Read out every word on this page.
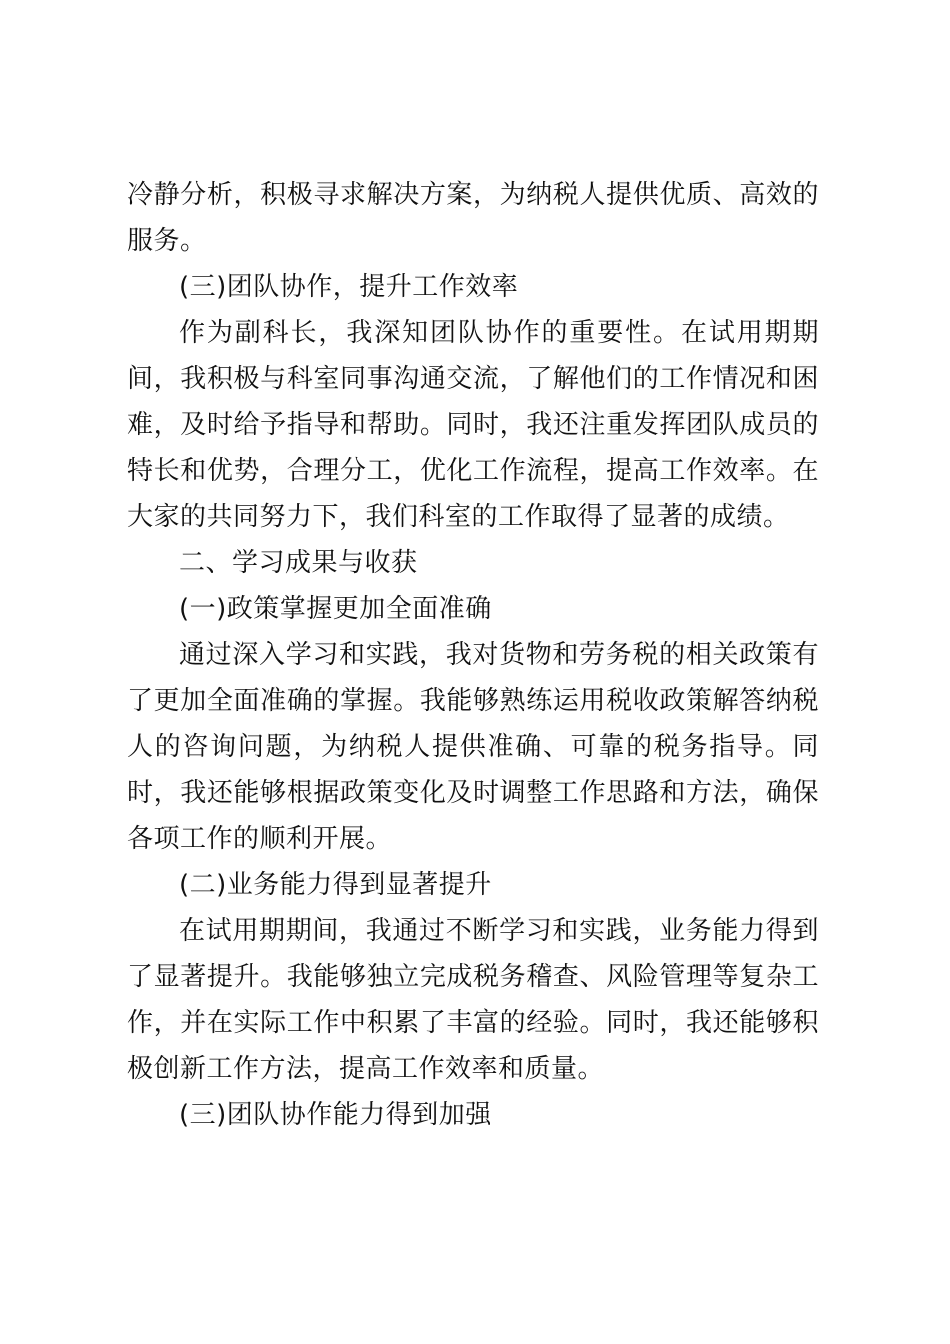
冷静分析，积极寻求解决方案，为纳税人提供优质、高效的服务。

(三)团队协作，提升工作效率

作为副科长，我深知团队协作的重要性。在试用期期间，我积极与科室同事沟通交流，了解他们的工作情况和困难，及时给予指导和帮助。同时，我还注重发挥团队成员的特长和优势，合理分工，优化工作流程，提高工作效率。在大家的共同努力下，我们科室的工作取得了显著的成绩。

二、学习成果与收获

(一)政策掌握更加全面准确

通过深入学习和实践，我对货物和劳务税的相关政策有了更加全面准确的掌握。我能够熟练运用税收政策解答纳税人的咨询问题，为纳税人提供准确、可靠的税务指导。同时，我还能够根据政策变化及时调整工作思路和方法，确保各项工作的顺利开展。

(二)业务能力得到显著提升

在试用期期间，我通过不断学习和实践，业务能力得到了显著提升。我能够独立完成税务稽查、风险管理等复杂工作，并在实际工作中积累了丰富的经验。同时，我还能够积极创新工作方法，提高工作效率和质量。

(三)团队协作能力得到加强
